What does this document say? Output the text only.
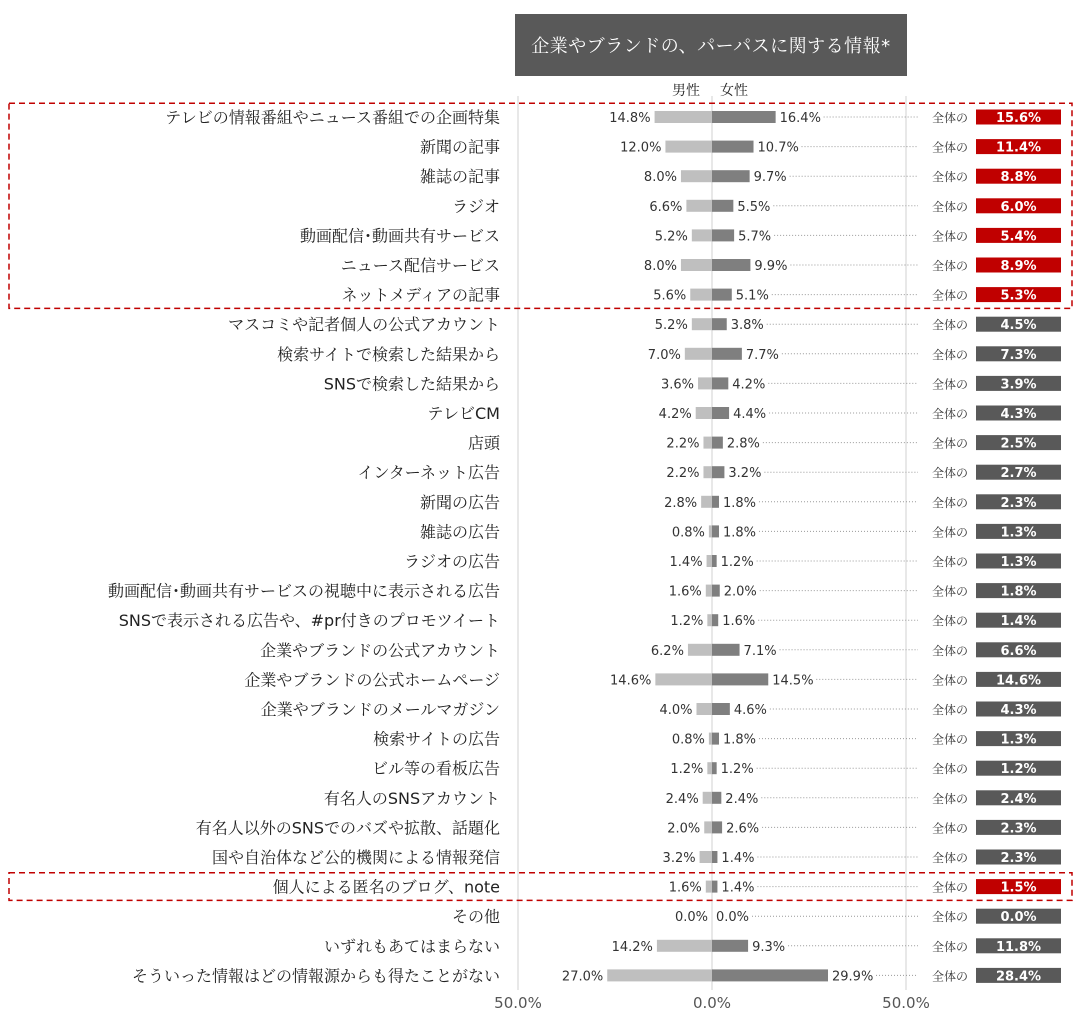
企業やブランドの、パーパスに関する情報*
男性 女性
テレビの情報番組やニュース番組での企画特集	14.8%	16.4%	全体の 15.6%
新聞の記事	12.0%	10.7%	全体の 11.4%
雑誌の記事	8.0%	9.7%	全体の 8.8%
ラジオ	6.6%	5.5%	全体の 6.0%
動画配信･動画共有サービス	5.2%	5.7%	全体の 5.4%
ニュース配信サービス	8.0%	9.9%	全体の 8.9%
ネットメディアの記事	5.6%	5.1%	全体の 5.3%
マスコミや記者個人の公式アカウント	5.2%	3.8%	全体の 4.5%
検索サイトで検索した結果から	7.0%	7.7%	全体の 7.3%
SNSで検索した結果から	3.6%	4.2%	全体の 3.9%
テレビCM	4.2%	4.4%	全体の 4.3%
店頭	2.2% 2.8%	全体の 2.5%
インターネット広告	2.2% 3.2%	全体の 2.7%
新聞の広告	2.8% 1.8%	全体の 2.3%
雑誌の広告	0.8% 1.8%	全体の 1.3%
ラジオの広告	1.4% 1.2%	全体の 1.3%
動画配信･動画共有サービスの視聴中に表示される広告	1.6% 2.0%	全体の 1.8%
SNSで表示される広告や、#pr付きのプロモツイート	1.2% 1.6%	全体の 1.4%
企業やブランドの公式アカウント	6.2%	7.1%	全体の 6.6%
企業やブランドの公式ホームページ	14.6%	14.5%	全体の 14.6%
企業やブランドのメールマガジン	4.0%	4.6%	全体の 4.3%
検索サイトの広告	0.8% 1.8%	全体の 1.3%
ビル等の看板広告	1.2% 1.2%	全体の 1.2%
有名人のSNSアカウント	2.4% 2.4%	全体の 2.4%
有名人以外のSNSでのバズや拡散、話題化	2.0% 2.6%	全体の 2.3%
国や自治体など公的機関による情報発信	3.2% 1.4%	全体の 2.3%
個人による匿名のブログ、note	1.6% 1.4%	全体の 1.5%
その他	0.0% 0.0%	全体の 0.0%
いずれもあてはまらない	14.2%	9.3%	全体の 11.8%
そういった情報はどの情報源からも得たことがない	27.0%	29.9%	全体の 28.4%
50.0%	0.0%	50.0%
